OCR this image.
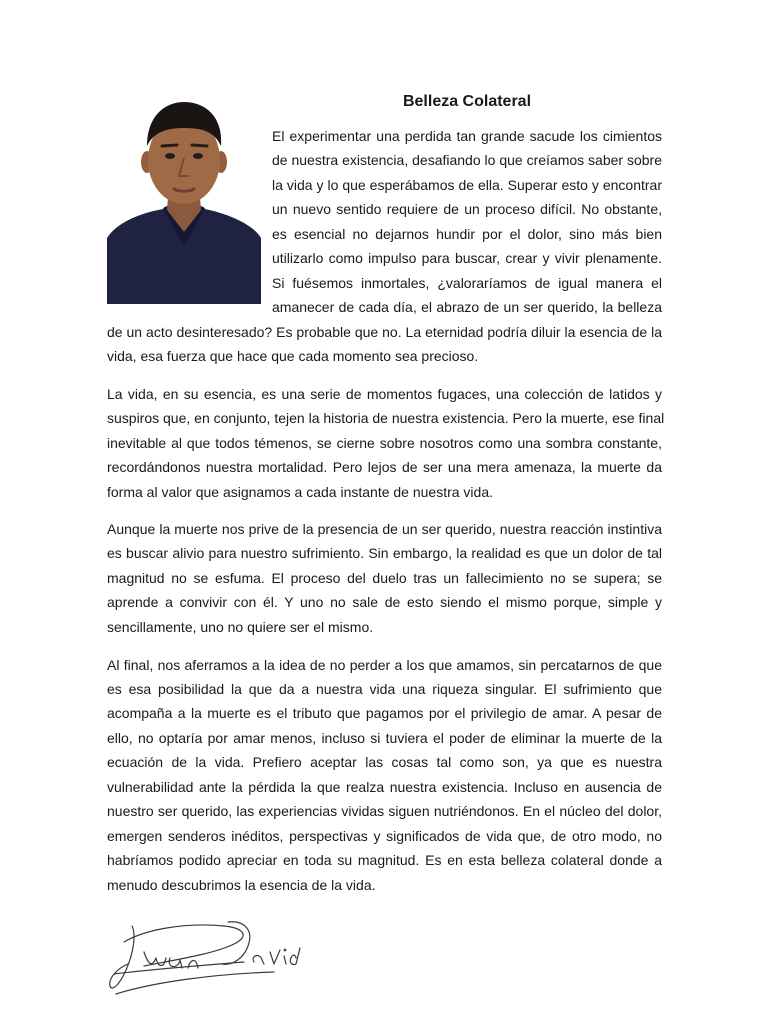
Belleza Colateral
El experimentar una perdida tan grande sacude los cimientos
de nuestra existencia, desafiando lo que creíamos saber sobre
la vida y lo que esperábamos de ella. Superar esto y encontrar
un nuevo sentido requiere de un proceso difícil. No obstante,
es esencial no dejarnos hundir por el dolor, sino más bien
utilizarlo como impulso para buscar, crear y vivir plenamente.
Si fuésemos inmortales, ¿valoraríamos de igual manera el
amanecer de cada día, el abrazo de un ser querido, la belleza
de un acto desinteresado? Es probable que no. La eternidad podría diluir la esencia de la
vida, esa fuerza que hace que cada momento sea precioso.
La vida, en su esencia, es una serie de momentos fugaces, una colección de latidos y
suspiros que, en conjunto, tejen la historia de nuestra existencia. Pero la muerte, ese final
inevitable al que todos témenos, se cierne sobre nosotros como una sombra constante,
recordándonos nuestra mortalidad. Pero lejos de ser una mera amenaza, la muerte da
forma al valor que asignamos a cada instante de nuestra vida.
Aunque la muerte nos prive de la presencia de un ser querido, nuestra reacción instintiva
es buscar alivio para nuestro sufrimiento. Sin embargo, la realidad es que un dolor de tal
magnitud no se esfuma. El proceso del duelo tras un fallecimiento no se supera; se
aprende a convivir con él. Y uno no sale de esto siendo el mismo porque, simple y
sencillamente, uno no quiere ser el mismo.
Al final, nos aferramos a la idea de no perder a los que amamos, sin percatarnos de que
es esa posibilidad la que da a nuestra vida una riqueza singular. El sufrimiento que
acompaña a la muerte es el tributo que pagamos por el privilegio de amar. A pesar de
ello, no optaría por amar menos, incluso si tuviera el poder de eliminar la muerte de la
ecuación de la vida. Prefiero aceptar las cosas tal como son, ya que es nuestra
vulnerabilidad ante la pérdida la que realza nuestra existencia. Incluso en ausencia de
nuestro ser querido, las experiencias vividas siguen nutriéndonos. En el núcleo del dolor,
emergen senderos inéditos, perspectivas y significados de vida que, de otro modo, no
habríamos podido apreciar en toda su magnitud. Es en esta belleza colateral donde a
menudo descubrimos la esencia de la vida.
